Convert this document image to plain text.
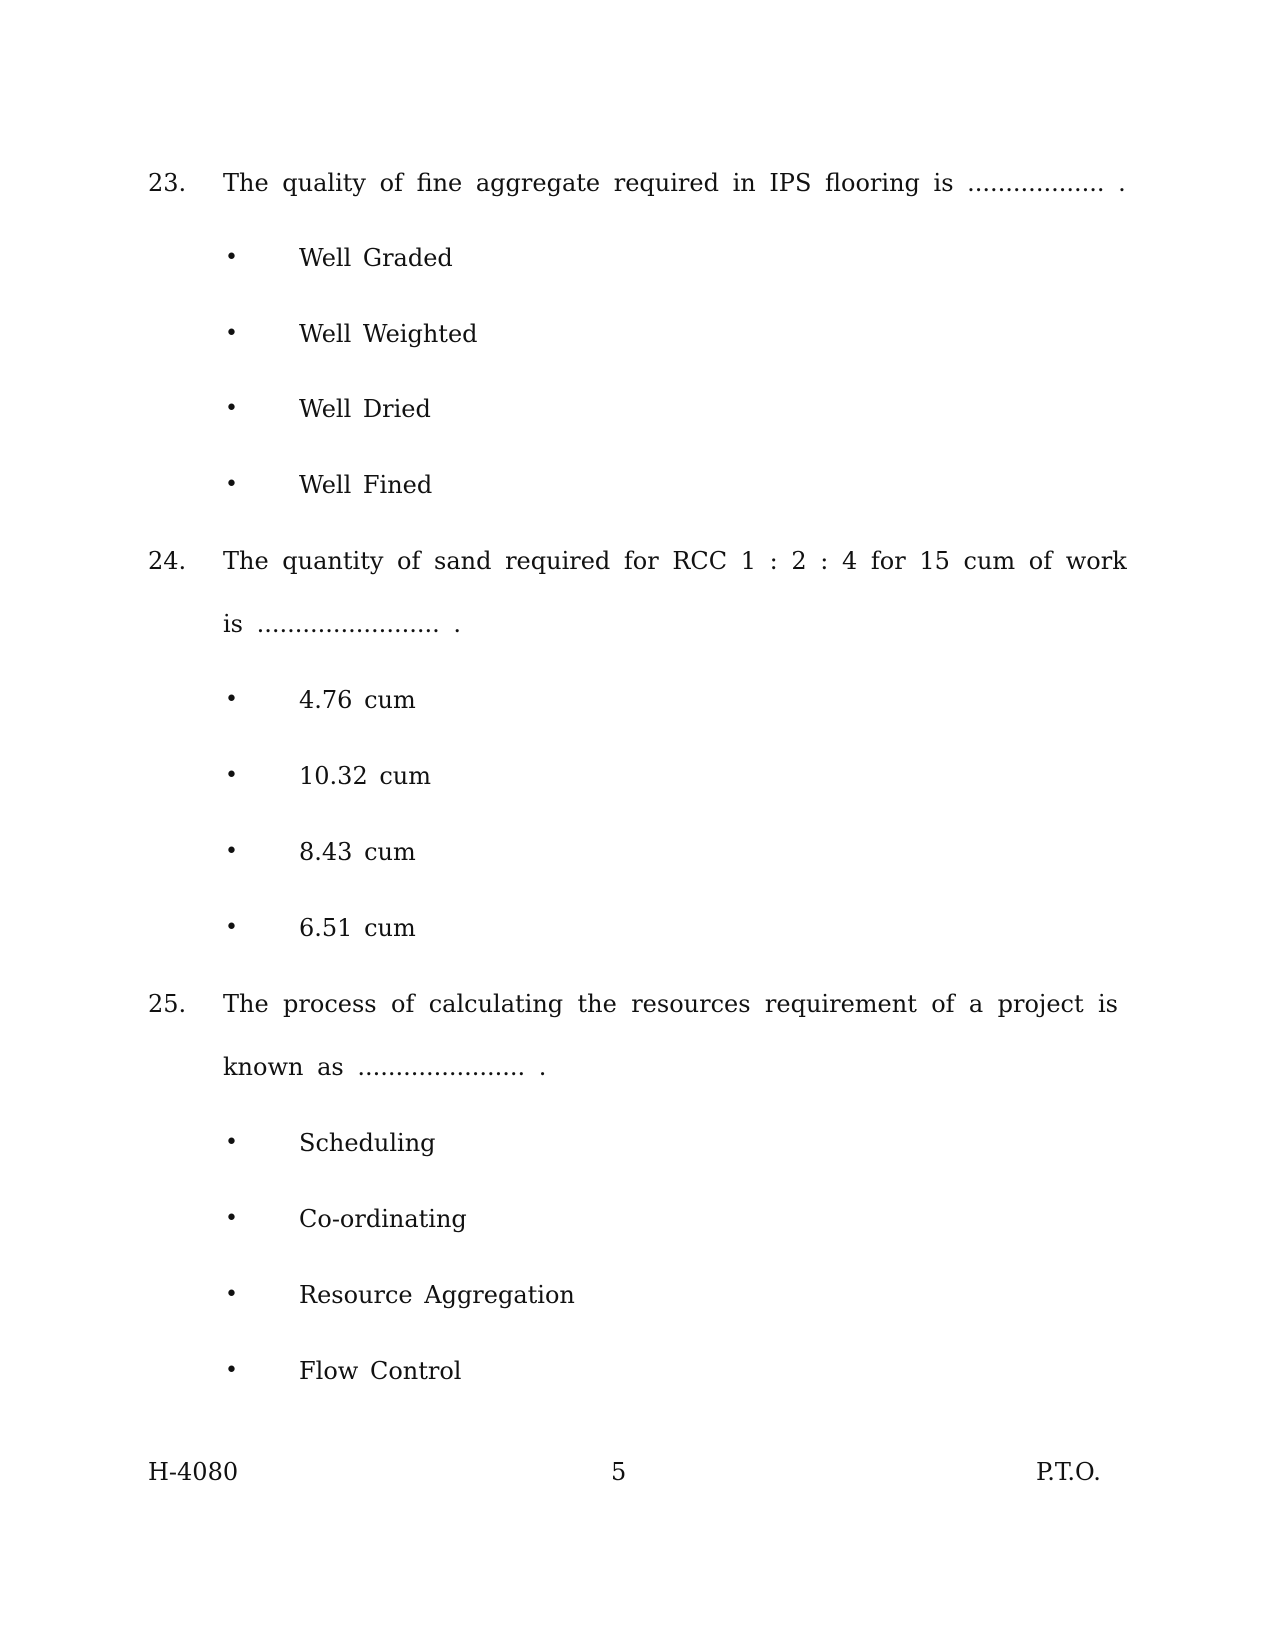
23. The quality of fine aggregate required in IPS flooring is .................. .
•	Well Graded
•	Well Weighted
•	Well Dried
•	Well Fined
24. The quantity of sand required for RCC 1 : 2 : 4 for 15 cum of work
is ........................ .
•	4.76 cum
•	10.32 cum
•	8.43 cum
•	6.51 cum
25. The process of calculating the resources requirement of a project is
known as ...................... .
•	Scheduling
•	Co-ordinating
•	Resource Aggregation
•	Flow Control
H-4080	5	P.T.O.
